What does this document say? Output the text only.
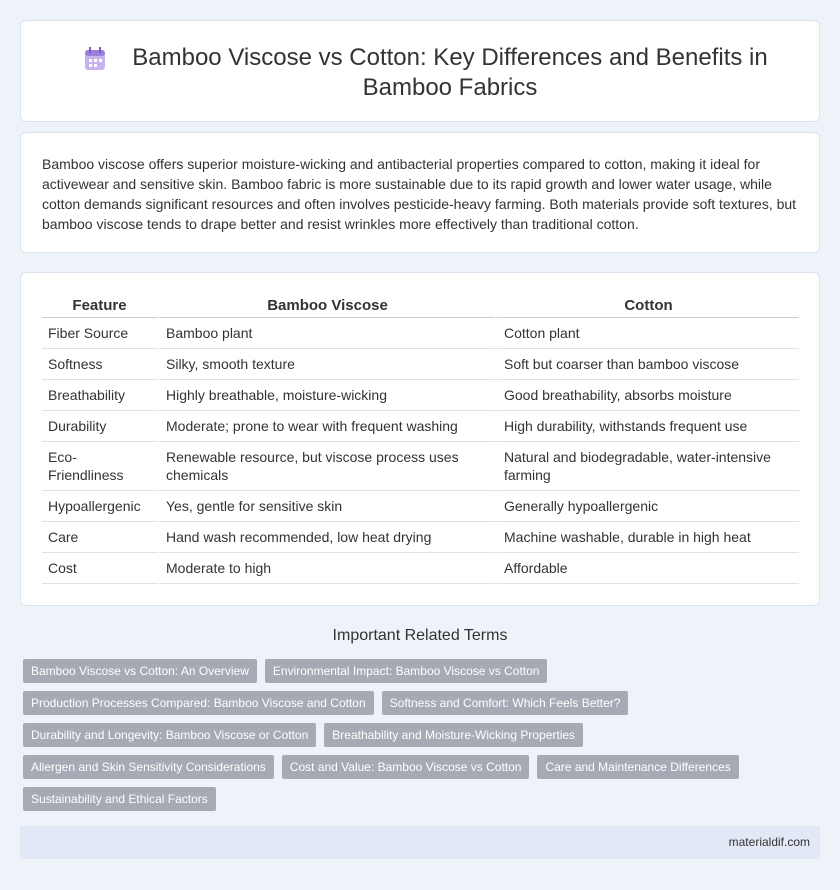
Bamboo Viscose vs Cotton: Key Differences and Benefits in Bamboo Fabrics

Bamboo viscose offers superior moisture-wicking and antibacterial properties compared to cotton, making it ideal for activewear and sensitive skin. Bamboo fabric is more sustainable due to its rapid growth and lower water usage, while cotton demands significant resources and often involves pesticide-heavy farming. Both materials provide soft textures, but bamboo viscose tends to drape better and resist wrinkles more effectively than traditional cotton.

Feature	Bamboo Viscose	Cotton
Fiber Source	Bamboo plant	Cotton plant
Softness	Silky, smooth texture	Soft but coarser than bamboo viscose
Breathability	Highly breathable, moisture-wicking	Good breathability, absorbs moisture
Durability	Moderate; prone to wear with frequent washing	High durability, withstands frequent use
Eco-Friendliness	Renewable resource, but viscose process uses chemicals	Natural and biodegradable, water-intensive farming
Hypoallergenic	Yes, gentle for sensitive skin	Generally hypoallergenic
Care	Hand wash recommended, low heat drying	Machine washable, durable in high heat
Cost	Moderate to high	Affordable
Important Related Terms
Bamboo Viscose vs Cotton: An Overview	Environmental Impact: Bamboo Viscose vs Cotton
Production Processes Compared: Bamboo Viscose and Cotton	Softness and Comfort: Which Feels Better?
Durability and Longevity: Bamboo Viscose or Cotton	Breathability and Moisture-Wicking Properties
Allergen and Skin Sensitivity Considerations	Cost and Value: Bamboo Viscose vs Cotton	Care and Maintenance Differences
Sustainability and Ethical Factors
materialdif.com
